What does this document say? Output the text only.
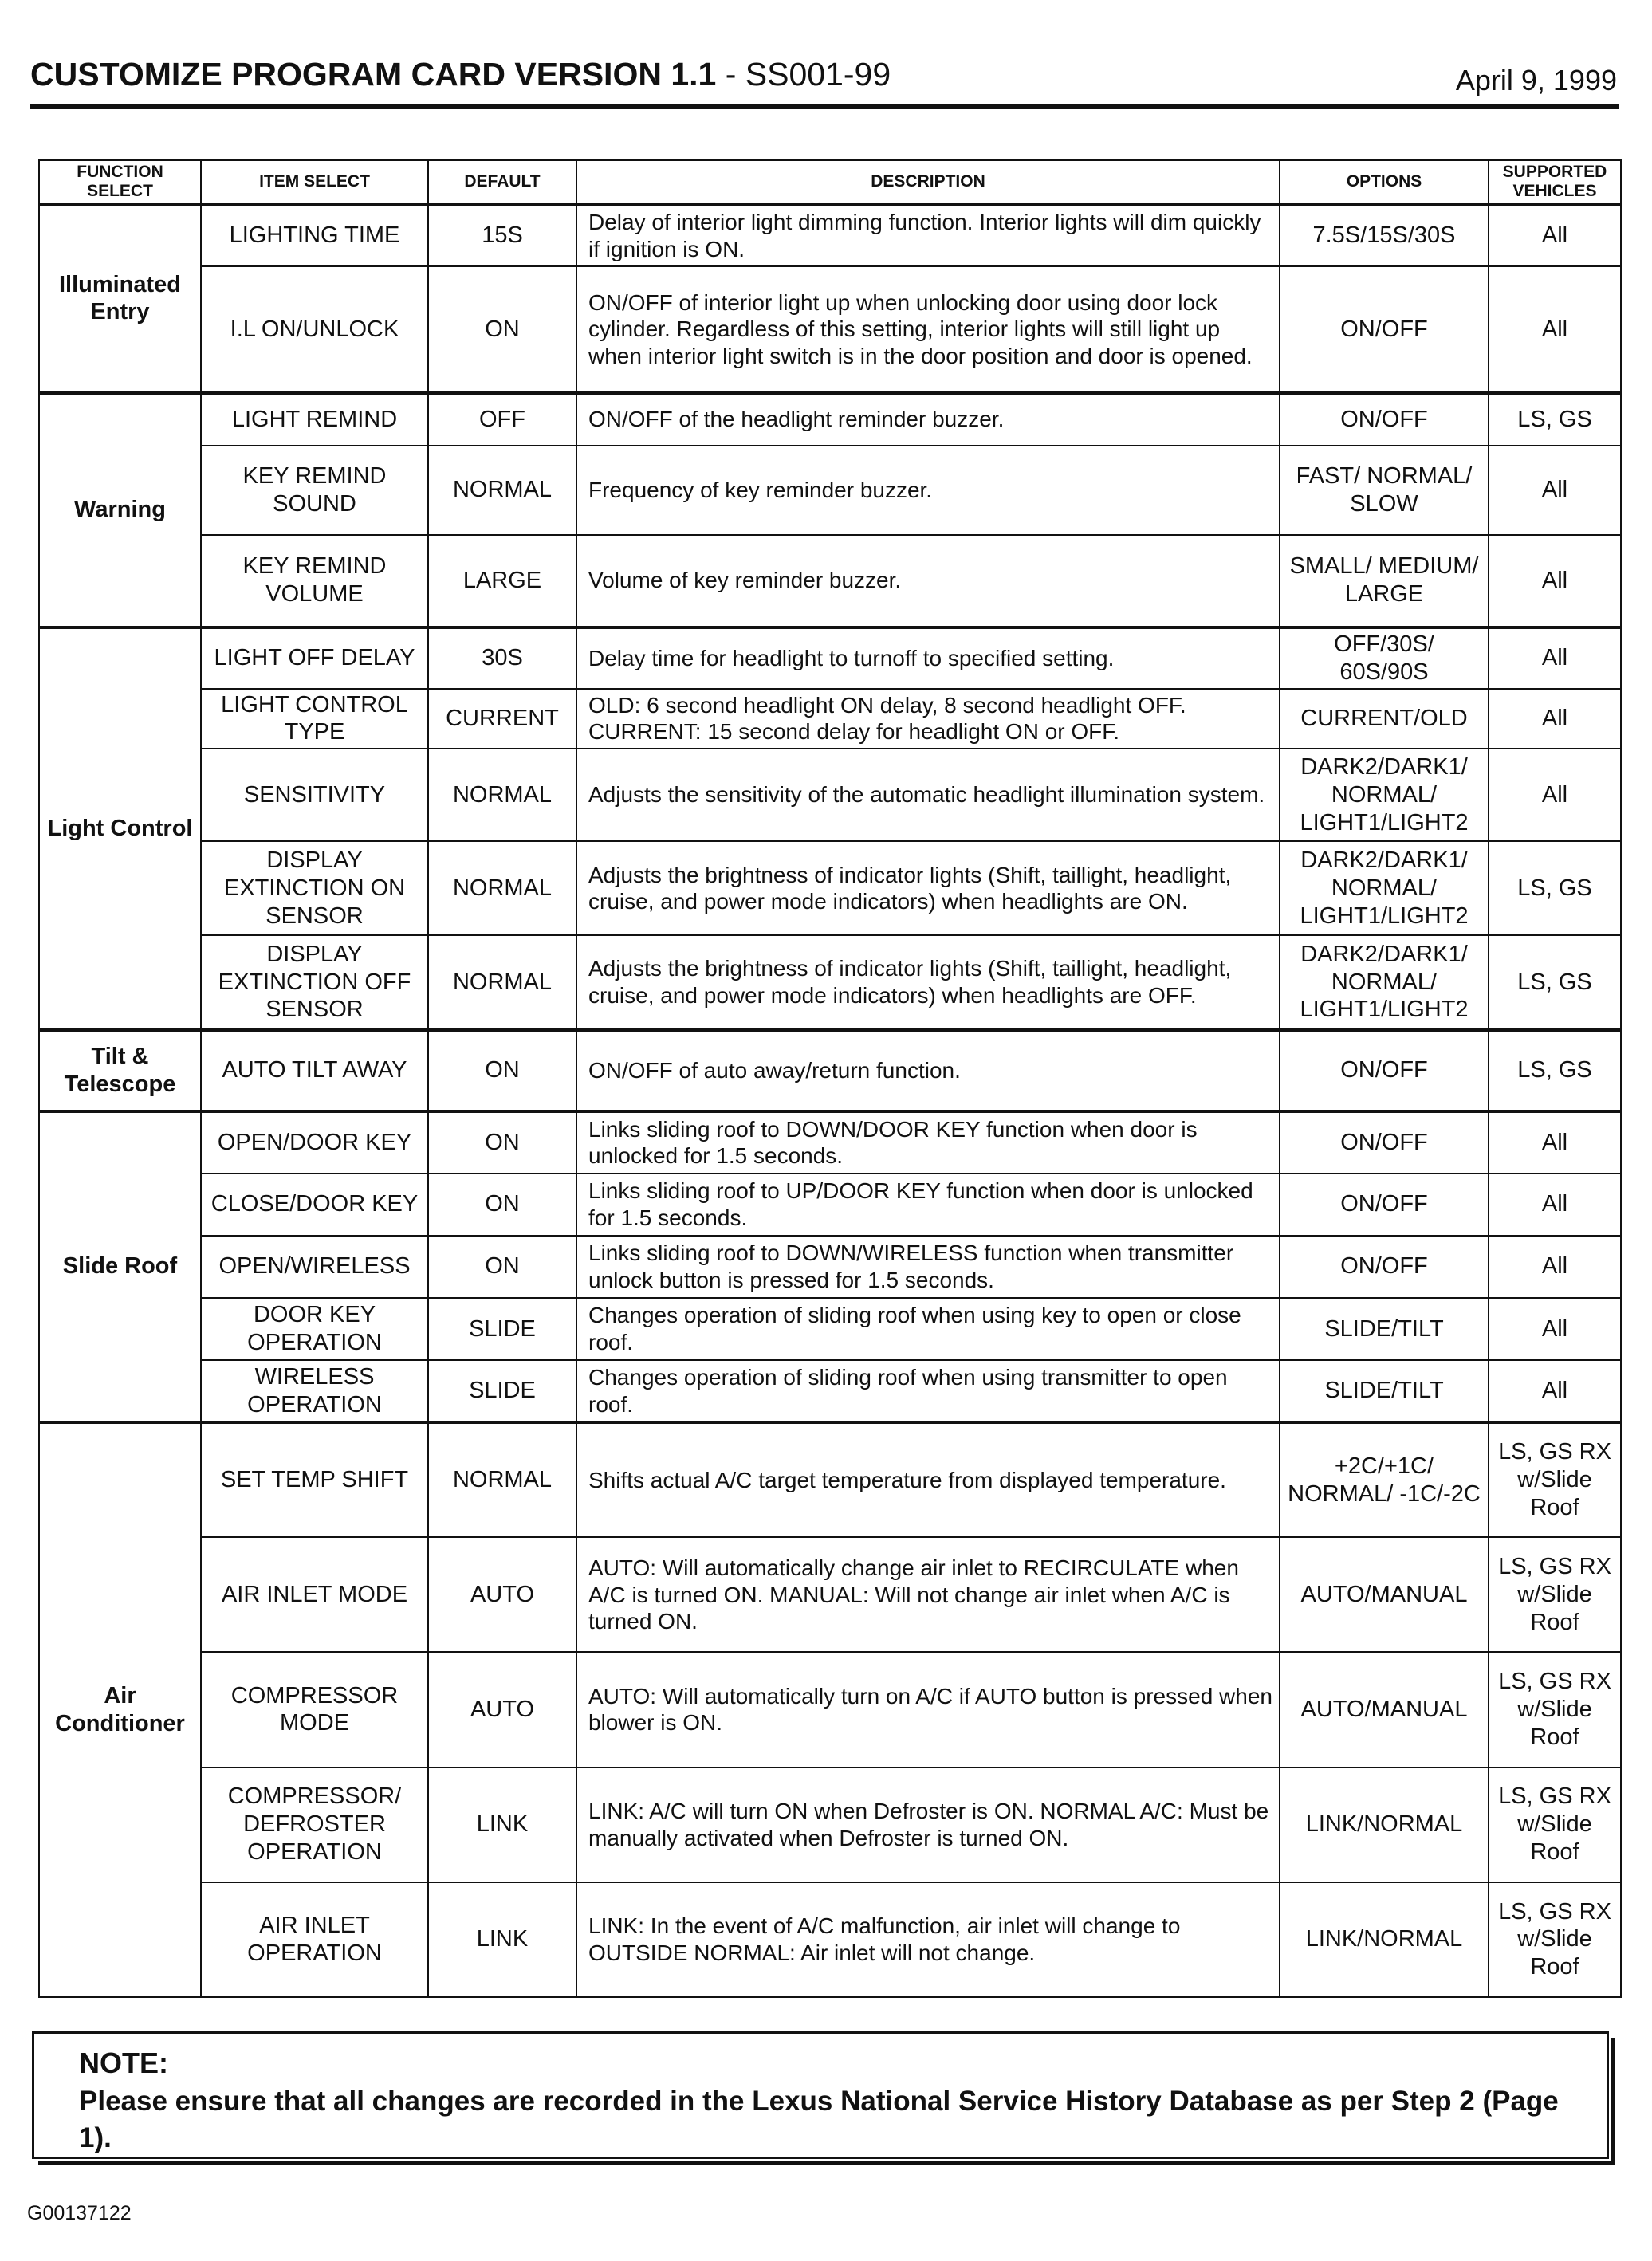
CUSTOMIZE PROGRAM CARD VERSION 1.1 - SS001-99	April 9, 1999
FUNCTION SELECT	ITEM SELECT	DEFAULT	DESCRIPTION	OPTIONS	SUPPORTED VEHICLES
Illuminated Entry	LIGHTING TIME	15S	Delay of interior light dimming function. Interior lights will dim quickly if ignition is ON.	7.5S/15S/30S	All
	I.L ON/UNLOCK	ON	ON/OFF of interior light up when unlocking door using door lock cylinder. Regardless of this setting, interior lights will still light up when interior light switch is in the door position and door is opened.	ON/OFF	All
Warning	LIGHT REMIND	OFF	ON/OFF of the headlight reminder buzzer.	ON/OFF	LS, GS
	KEY REMIND SOUND	NORMAL	Frequency of key reminder buzzer.	FAST/ NORMAL/ SLOW	All
	KEY REMIND VOLUME	LARGE	Volume of key reminder buzzer.	SMALL/ MEDIUM/ LARGE	All
Light Control	LIGHT OFF DELAY	30S	Delay time for headlight to turnoff to specified setting.	OFF/30S/ 60S/90S	All
	LIGHT CONTROL TYPE	CURRENT	OLD: 6 second headlight ON delay, 8 second headlight OFF. CURRENT: 15 second delay for headlight ON or OFF.	CURRENT/OLD	All
	SENSITIVITY	NORMAL	Adjusts the sensitivity of the automatic headlight illumination system.	DARK2/DARK1/ NORMAL/ LIGHT1/LIGHT2	All
	DISPLAY EXTINCTION ON SENSOR	NORMAL	Adjusts the brightness of indicator lights (Shift, taillight, headlight, cruise, and power mode indicators) when headlights are ON.	DARK2/DARK1/ NORMAL/ LIGHT1/LIGHT2	LS, GS
	DISPLAY EXTINCTION OFF SENSOR	NORMAL	Adjusts the brightness of indicator lights (Shift, taillight, headlight, cruise, and power mode indicators) when headlights are OFF.	DARK2/DARK1/ NORMAL/ LIGHT1/LIGHT2	LS, GS
Tilt & Telescope	AUTO TILT AWAY	ON	ON/OFF of auto away/return function.	ON/OFF	LS, GS
Slide Roof	OPEN/DOOR KEY	ON	Links sliding roof to DOWN/DOOR KEY function when door is unlocked for 1.5 seconds.	ON/OFF	All
	CLOSE/DOOR KEY	ON	Links sliding roof to UP/DOOR KEY function when door is unlocked for 1.5 seconds.	ON/OFF	All
	OPEN/WIRELESS	ON	Links sliding roof to DOWN/WIRELESS function when transmitter unlock button is pressed for 1.5 seconds.	ON/OFF	All
	DOOR KEY OPERATION	SLIDE	Changes operation of sliding roof when using key to open or close roof.	SLIDE/TILT	All
	WIRELESS OPERATION	SLIDE	Changes operation of sliding roof when using transmitter to open roof.	SLIDE/TILT	All
Air Conditioner	SET TEMP SHIFT	NORMAL	Shifts actual A/C target temperature from displayed temperature.	+2C/+1C/ NORMAL/ -1C/-2C	LS, GS RX w/Slide Roof
	AIR INLET MODE	AUTO	AUTO: Will automatically change air inlet to RECIRCULATE when A/C is turned ON. MANUAL: Will not change air inlet when A/C is turned ON.	AUTO/MANUAL	LS, GS RX w/Slide Roof
	COMPRESSOR MODE	AUTO	AUTO: Will automatically turn on A/C if AUTO button is pressed when blower is ON.	AUTO/MANUAL	LS, GS RX w/Slide Roof
	COMPRESSOR/ DEFROSTER OPERATION	LINK	LINK: A/C will turn ON when Defroster is ON. NORMAL A/C: Must be manually activated when Defroster is turned ON.	LINK/NORMAL	LS, GS RX w/Slide Roof
	AIR INLET OPERATION	LINK	LINK: In the event of A/C malfunction, air inlet will change to OUTSIDE NORMAL: Air inlet will not change.	LINK/NORMAL	LS, GS RX w/Slide Roof
NOTE:
Please ensure that all changes are recorded in the Lexus National Service History Database as per Step 2 (Page 1).
G00137122
